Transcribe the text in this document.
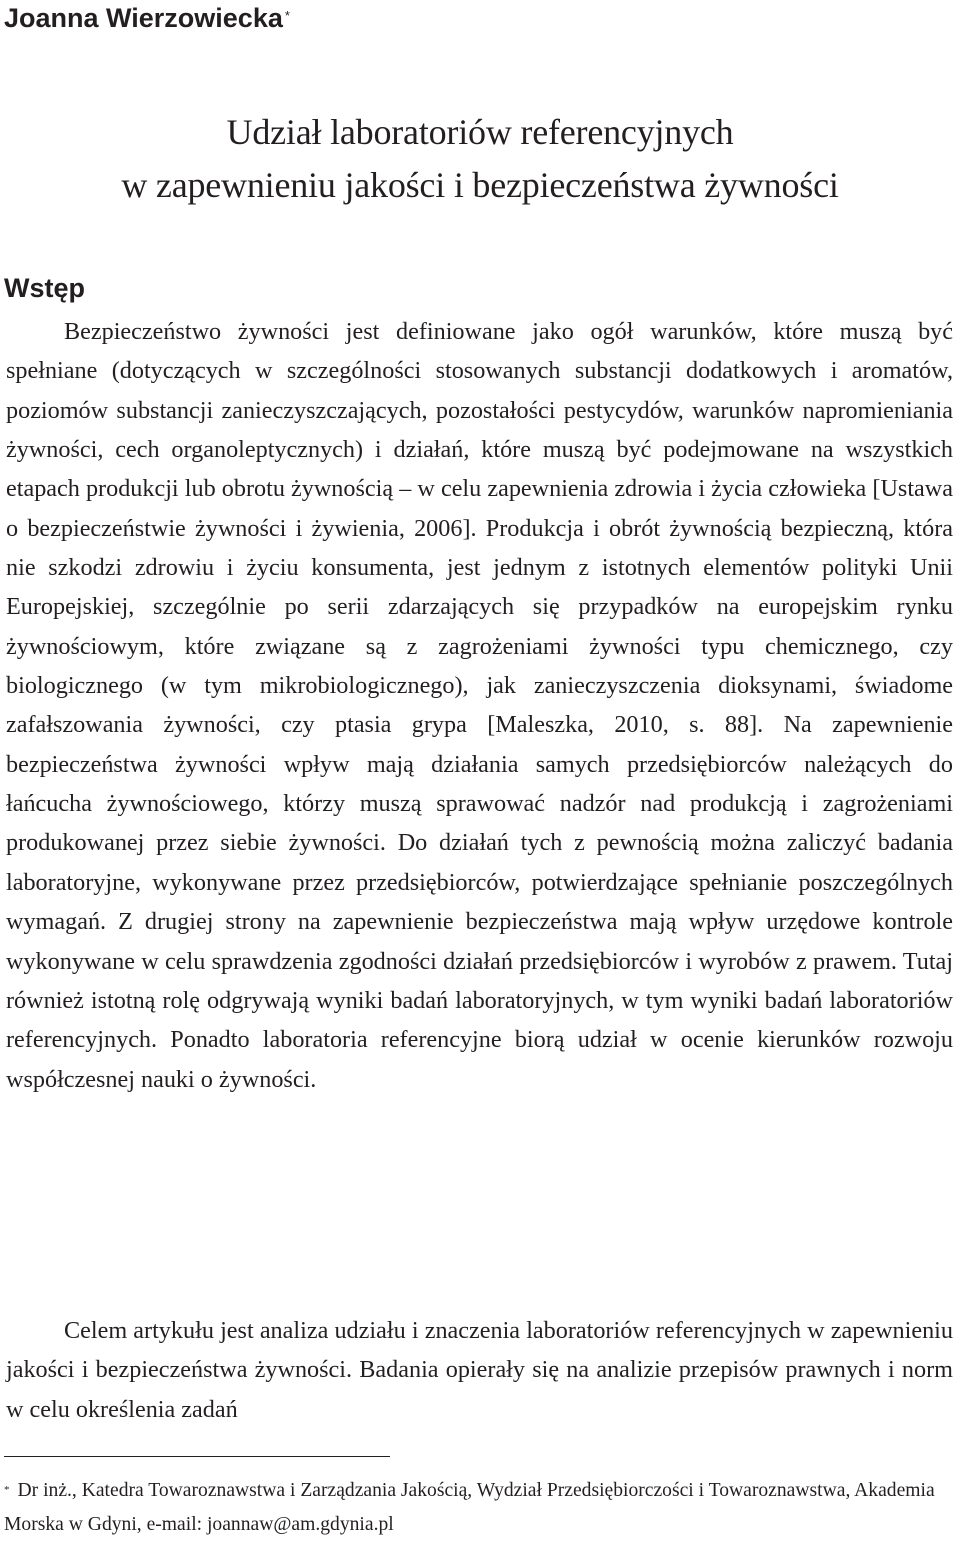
Joanna Wierzowiecka *
Udział laboratoriów referencyjnych
w zapewnieniu jakości i bezpieczeństwa żywności
Wstęp

Bezpieczeństwo żywności jest definiowane jako ogół warunków, które muszą być spełniane (dotyczących w szczególności stosowanych substancji dodatkowych i aromatów, poziomów substancji zanieczyszczających, pozostałości pestycydów, warunków napromieniania żywności, cech organoleptycznych) i działań, które muszą być podejmowane na wszystkich etapach produkcji lub obrotu żywnością – w celu zapewnienia zdrowia i życia człowieka [Ustawa o bezpieczeństwie żywności i żywienia, 2006]. Produkcja i obrót żywnością bezpieczną, która nie szkodzi zdrowiu i życiu konsumenta, jest jednym z istotnych elementów polityki Unii Europejskiej, szczególnie po serii zdarzających się przypadków na europejskim rynku żywnościowym, które związane są z zagrożeniami żywności typu chemicznego, czy biologicznego (w tym mikrobiologicznego), jak zanieczyszczenia dioksynami, świadome zafałszowania żywności, czy ptasia grypa [Maleszka, 2010, s. 88]. Na zapewnienie bezpieczeństwa żywności wpływ mają działania samych przedsiębiorców należących do łańcucha żywnościowego, którzy muszą sprawować nadzór nad produkcją i zagrożeniami produkowanej przez siebie żywności. Do działań tych z pewnością można zaliczyć badania laboratoryjne, wykonywane przez przedsiębiorców, potwierdzające spełnianie poszczególnych wymagań. Z drugiej strony na zapewnienie bezpieczeństwa mają wpływ urzędowe kontrole wykonywane w celu sprawdzenia zgodności działań przedsiębiorców i wyrobów z prawem. Tutaj również istotną rolę odgrywają wyniki badań laboratoryjnych, w tym wyniki badań laboratoriów referencyjnych. Ponadto laboratoria referencyjne biorą udział w ocenie kierunków rozwoju współczesnej nauki o żywności.

Celem artykułu jest analiza udziału i znaczenia laboratoriów referencyjnych w zapewnieniu jakości i bezpieczeństwa żywności. Badania opierały się na analizie przepisów prawnych i norm w celu określenia zadań

* Dr inż., Katedra Towaroznawstwa i Zarządzania Jakością, Wydział Przedsiębiorczości i Towaroznawstwa, Akademia Morska w Gdyni, e-mail: joannaw@am.gdynia.pl
